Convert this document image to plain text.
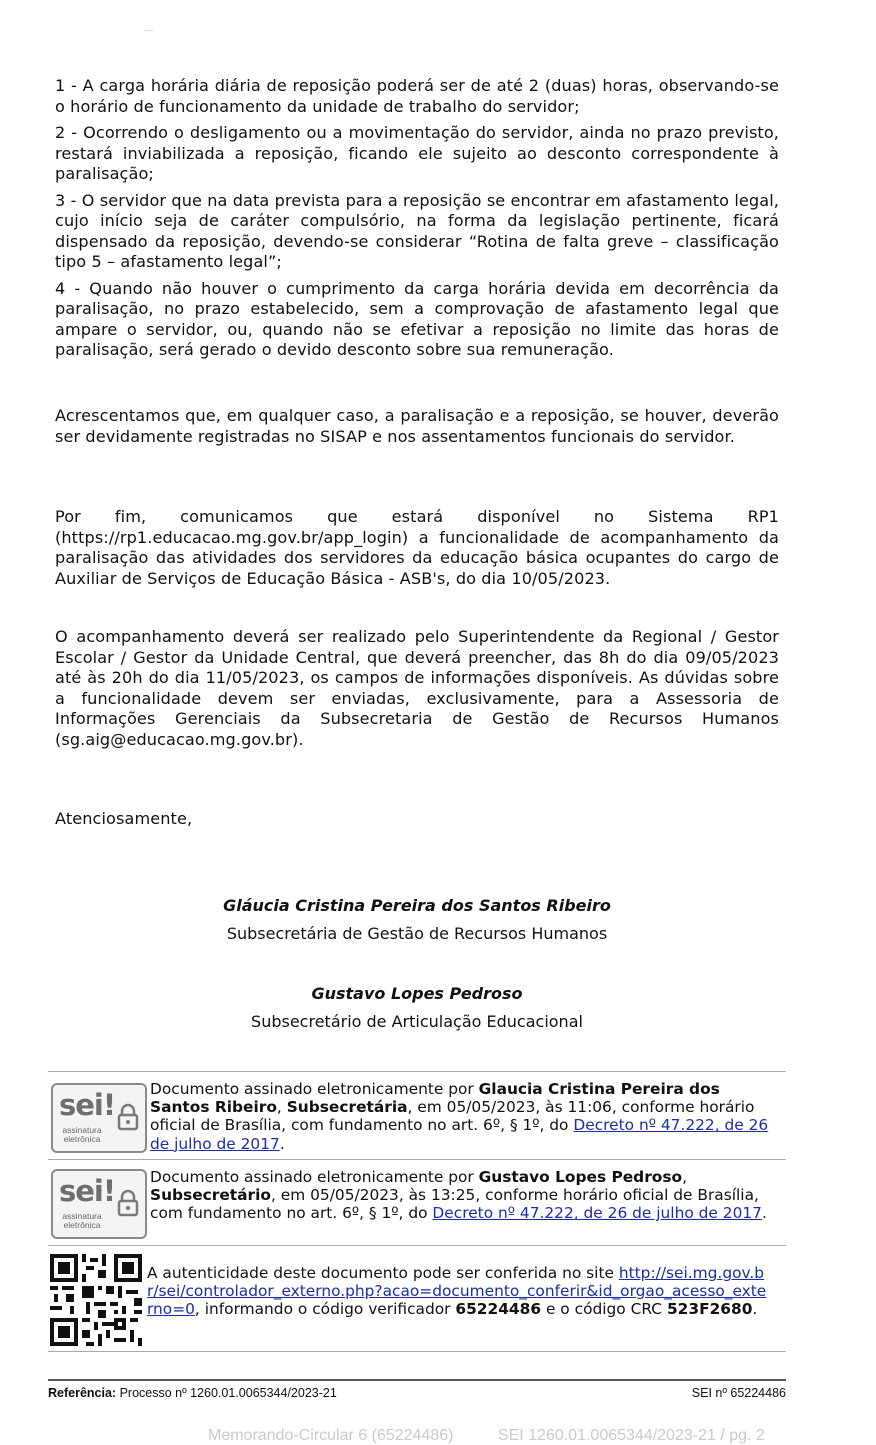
1 - A carga horária diária de reposição poderá ser de até 2 (duas) horas, observando-se o horário de funcionamento da unidade de trabalho do servidor;

2 - Ocorrendo o desligamento ou a movimentação do servidor, ainda no prazo previsto, restará inviabilizada a reposição, ficando ele sujeito ao desconto correspondente à paralisação;

3 - O servidor que na data prevista para a reposição se encontrar em afastamento legal, cujo início seja de caráter compulsório, na forma da legislação pertinente, ficará dispensado da reposição, devendo-se considerar “Rotina de falta greve – classificação tipo 5 – afastamento legal”;

4 - Quando não houver o cumprimento da carga horária devida em decorrência da paralisação, no prazo estabelecido, sem a comprovação de afastamento legal que ampare o servidor, ou, quando não se efetivar a reposição no limite das horas de paralisação, será gerado o devido desconto sobre sua remuneração.

Acrescentamos que, em qualquer caso, a paralisação e a reposição, se houver, deverão ser devidamente registradas no SISAP e nos assentamentos funcionais do servidor.

Por fim, comunicamos que estará disponível no Sistema RP1 (https://rp1.educacao.mg.gov.br/app_login) a funcionalidade de acompanhamento da paralisação das atividades dos servidores da educação básica ocupantes do cargo de Auxiliar de Serviços de Educação Básica - ASB's, do dia 10/05/2023.

O acompanhamento deverá ser realizado pelo Superintendente da Regional / Gestor Escolar / Gestor da Unidade Central, que deverá preencher, das 8h do dia 09/05/2023 até às 20h do dia 11/05/2023, os campos de informações disponíveis. As dúvidas sobre a funcionalidade devem ser enviadas, exclusivamente, para a Assessoria de Informações Gerenciais da Subsecretaria de Gestão de Recursos Humanos (sg.aig@educacao.mg.gov.br).

Atenciosamente,

Gláucia Cristina Pereira dos Santos Ribeiro
Subsecretária de Gestão de Recursos Humanos
Gustavo Lopes Pedroso
Subsecretário de Articulação Educacional
sei!
assinatura eletrônica
Documento assinado eletronicamente por Glaucia Cristina Pereira dos Santos Ribeiro, Subsecretária, em 05/05/2023, às 11:06, conforme horário oficial de Brasília, com fundamento no art. 6º, § 1º, do Decreto nº 47.222, de 26 de julho de 2017.
sei!
assinatura eletrônica
Documento assinado eletronicamente por Gustavo Lopes Pedroso, Subsecretário, em 05/05/2023, às 13:25, conforme horário oficial de Brasília, com fundamento no art. 6º, § 1º, do Decreto nº 47.222, de 26 de julho de 2017.
A autenticidade deste documento pode ser conferida no site http://sei.mg.gov.br/sei/controlador_externo.php?acao=documento_conferir&id_orgao_acesso_externo=0, informando o código verificador 65224486 e o código CRC 523F2680.
Referência: Processo nº 1260.01.0065344/2023-21	SEI nº 65224486
Memorando-Circular 6 (65224486)          SEI 1260.01.0065344/2023-21 / pg. 2
